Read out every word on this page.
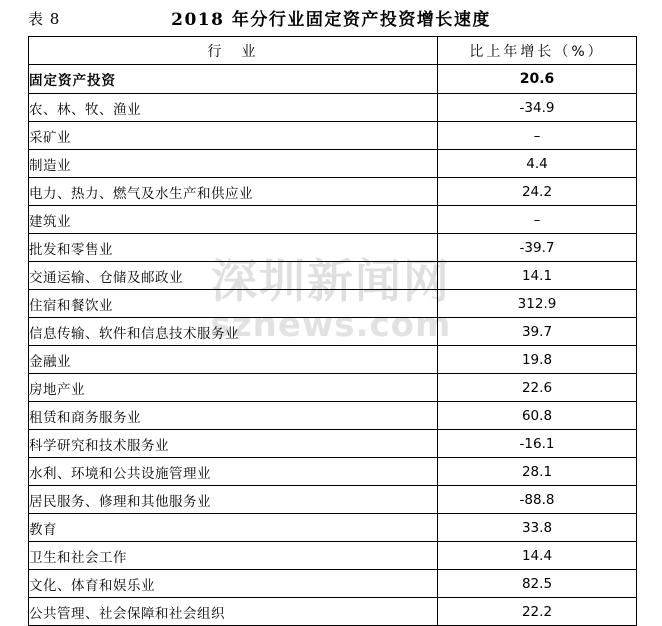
表 8	2018 年分行业固定资产投资增长速度
深圳新闻网
sznews.com
行　业	比上年增长（%）
固定资产投资	20.6
农、林、牧、渔业	-34.9
采矿业	–
制造业	4.4
电力、热力、燃气及水生产和供应业	24.2
建筑业	–
批发和零售业	-39.7
交通运输、仓储及邮政业	14.1
住宿和餐饮业	312.9
信息传输、软件和信息技术服务业	39.7
金融业	19.8
房地产业	22.6
租赁和商务服务业	60.8
科学研究和技术服务业	-16.1
水利、环境和公共设施管理业	28.1
居民服务、修理和其他服务业	-88.8
教育	33.8
卫生和社会工作	14.4
文化、体育和娱乐业	82.5
公共管理、社会保障和社会组织	22.2
